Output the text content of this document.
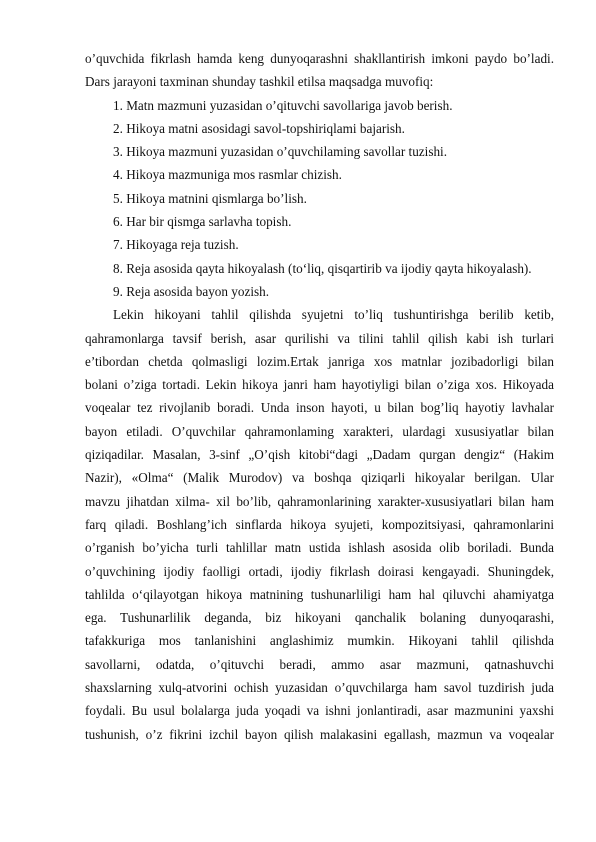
o’quvchida fikrlash hamda keng dunyoqarashni shakllantirish imkoni paydo bo’ladi.
Dars jarayoni taxminan shunday tashkil etilsa maqsadga muvofiq:
1. Matn mazmuni yuzasidan o’qituvchi savollariga javob berish.
2. Hikoya matni asosidagi savol-topshiriqlami bajarish.
3. Hikoya mazmuni yuzasidan o’quvchilaming savollar tuzishi.
4. Hikoya mazmuniga mos rasmlar chizish.
5. Hikoya matnini qismlarga bo’lish.
6. Har bir qismga sarlavha topish.
7. Hikoyaga reja tuzish.
8. Reja asosida qayta hikoyalash (to‘liq, qisqartirib va ijodiy qayta hikoyalash).
9. Reja asosida bayon yozish.
Lekin hikoyani tahlil qilishda syujetni to’liq tushuntirishga berilib ketib,
qahramonlarga tavsif berish, asar qurilishi va tilini tahlil qilish kabi ish turlari
e’tibordan chetda qolmasligi lozim.Ertak janriga xos matnlar jozibadorligi bilan
bolani o’ziga tortadi. Lekin hikoya janri ham hayotiyligi bilan o’ziga xos. Hikoyada
voqealar tez rivojlanib boradi. Unda inson hayoti, u bilan bog’liq hayotiy lavhalar
bayon etiladi. O’quvchilar qahramonlaming xarakteri, ulardagi xususiyatlar bilan
qiziqadilar. Masalan, 3-sinf „O’qish kitobi“dagi „Dadam qurgan dengiz“ (Hakim
Nazir), «Olma“ (Malik Murodov) va boshqa qiziqarli hikoyalar berilgan. Ular
mavzu jihatdan xilma- xil bo’lib, qahramonlarining xarakter-xususiyatlari bilan ham
farq qiladi. Boshlang’ich sinflarda hikoya syujeti, kompozitsiyasi, qahramonlarini
o’rganish bo’yicha turli tahlillar matn ustida ishlash asosida olib boriladi. Bunda
o’quvchining ijodiy faolligi ortadi, ijodiy fikrlash doirasi kengayadi. Shuningdek,
tahlilda o‘qilayotgan hikoya matnining tushunarliligi ham hal qiluvchi ahamiyatga
ega. Tushunarlilik deganda, biz hikoyani qanchalik bolaning dunyoqarashi,
tafakkuriga mos tanlanishini anglashimiz mumkin. Hikoyani tahlil qilishda
savollarni, odatda, o’qituvchi beradi, ammo asar mazmuni, qatnashuvchi
shaxslarning xulq-atvorini ochish yuzasidan o’quvchilarga ham savol tuzdirish juda
foydali. Bu usul bolalarga juda yoqadi va ishni jonlantiradi, asar mazmunini yaxshi
tushunish, o’z fikrini izchil bayon qilish malakasini egallash, mazmun va voqealar
